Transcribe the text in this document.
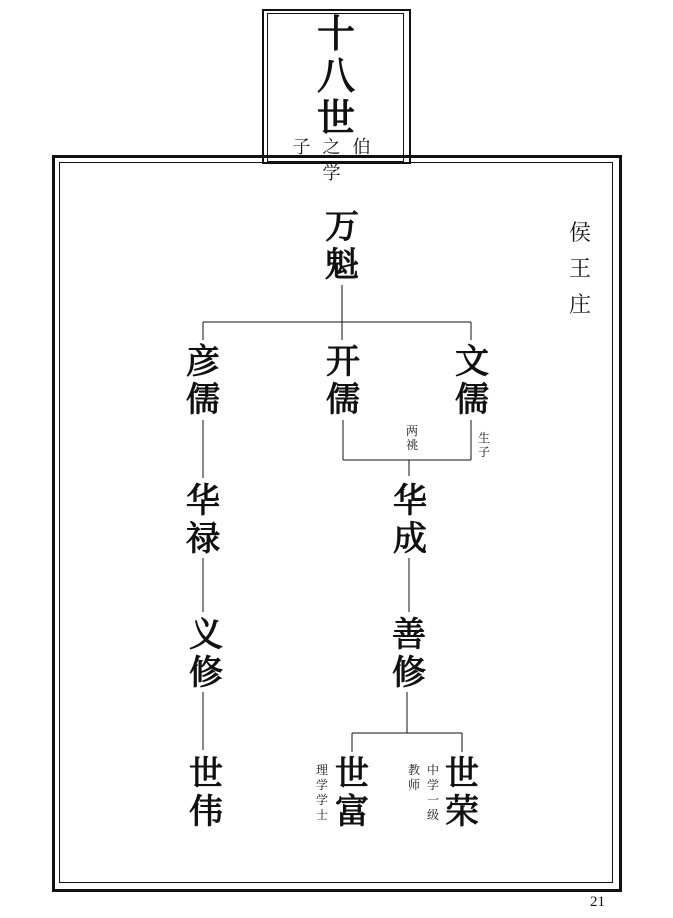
十
八
世
子之伯学
侯
王
庄
万
魁
彦
儒
开
儒
文
儒
华
禄
华
成
义
修
善
修
世
伟
世
富
世
荣
两
祧	生
子
理
学
学
士
教
师
中
学
一
级
21
